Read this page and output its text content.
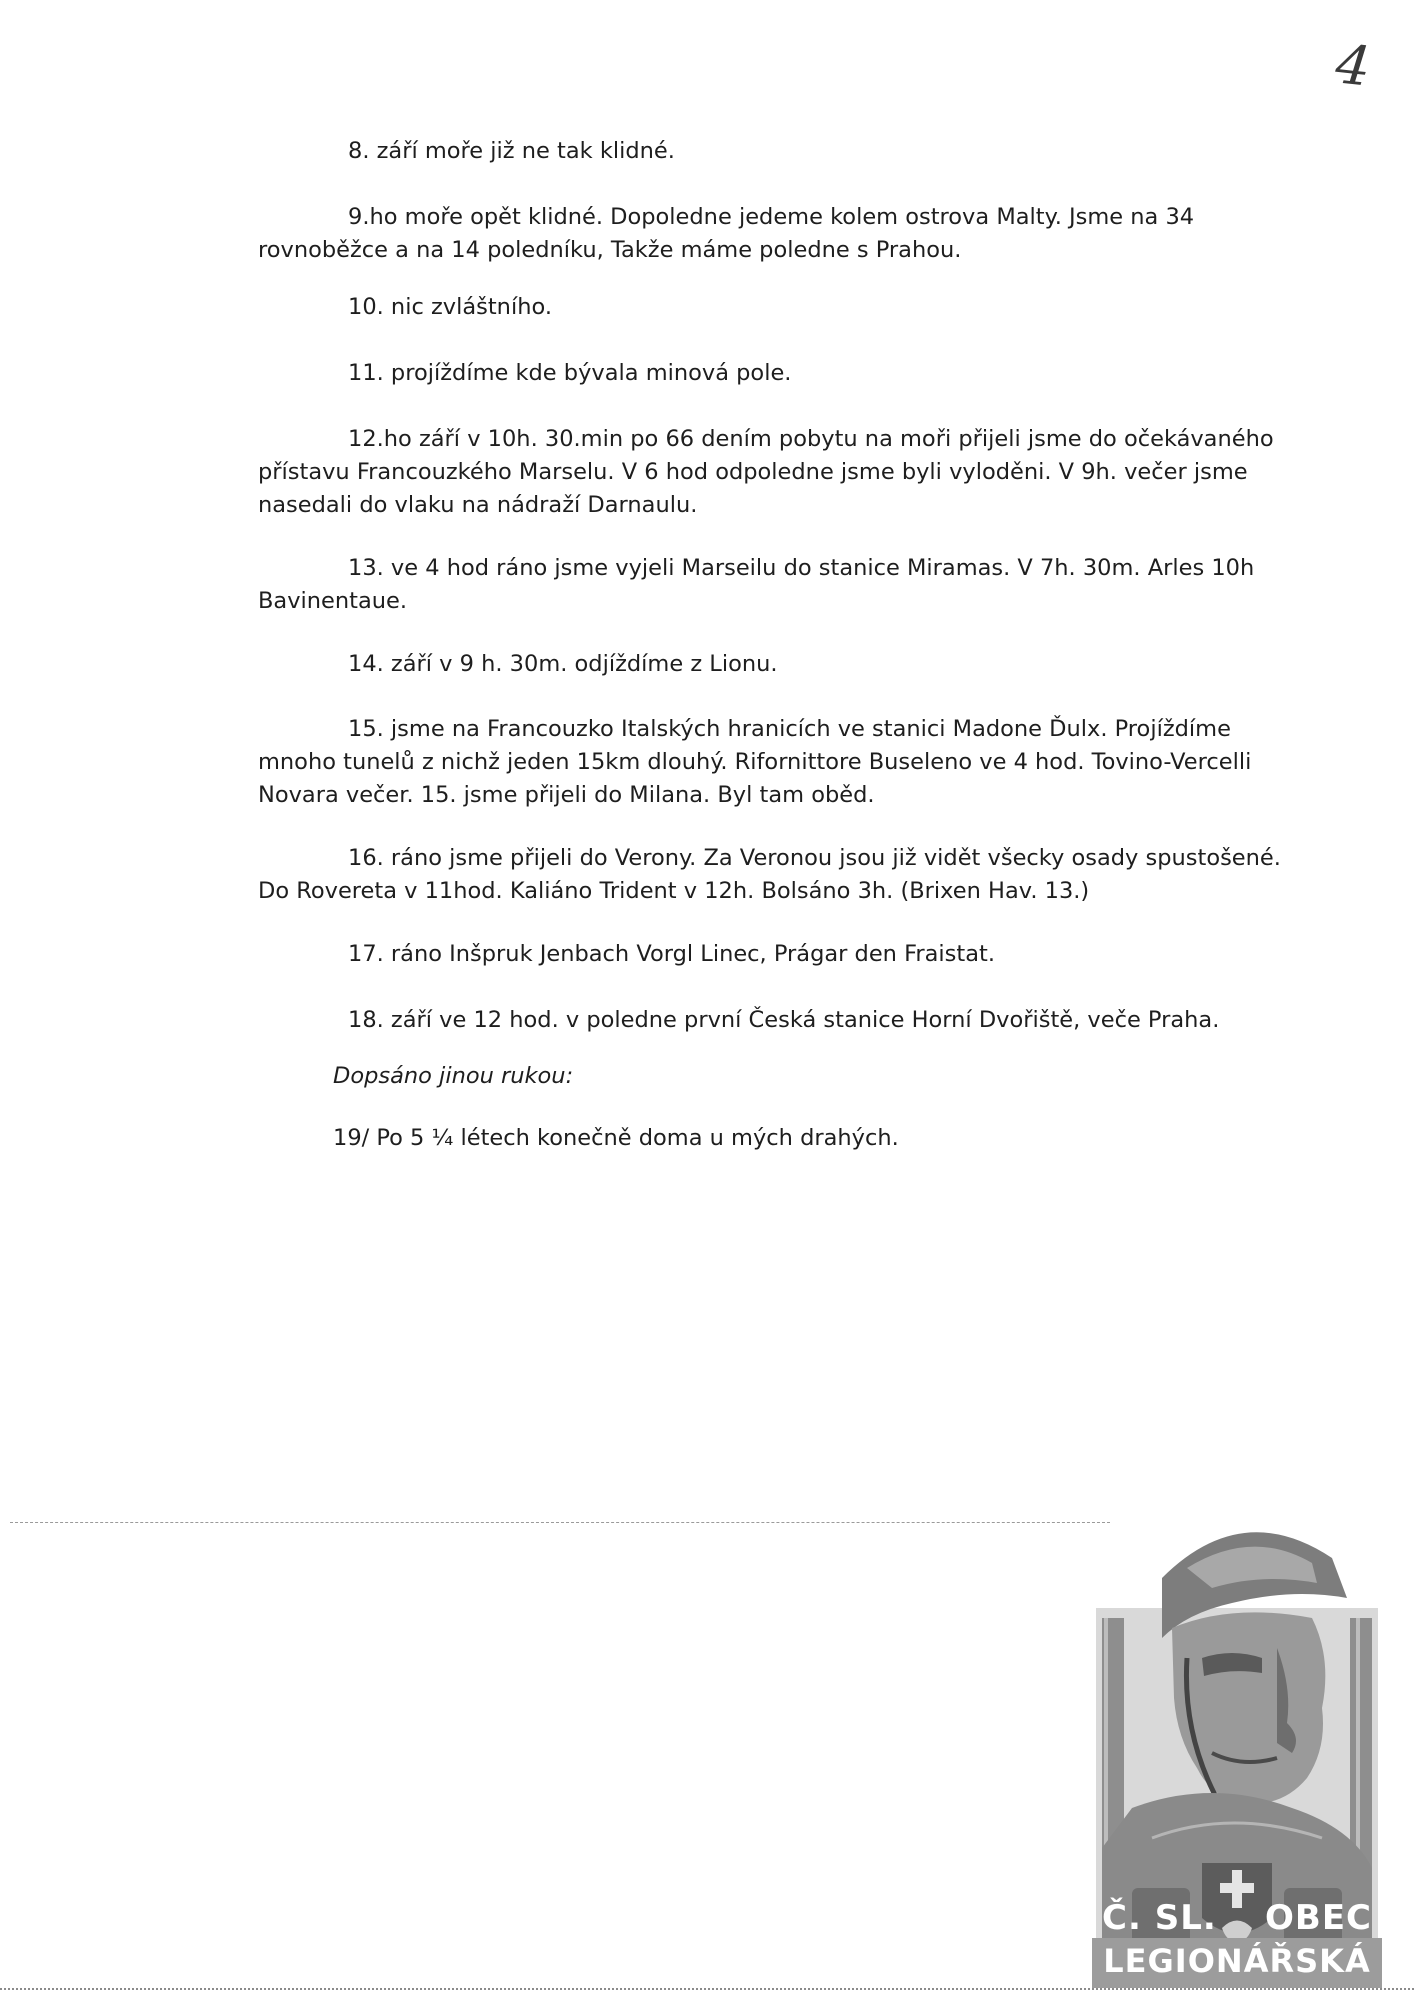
4

8. září moře již ne tak klidné.

9.ho moře opět klidné. Dopoledne jedeme kolem ostrova Malty. Jsme na 34 rovnoběžce a na 14 poledníku, Takže máme poledne s Prahou.

10. nic zvláštního.

11. projíždíme kde bývala minová pole.

12.ho září v 10h. 30.min po 66 dením pobytu na moři přijeli jsme do očekávaného přístavu Francouzkého Marselu. V 6 hod odpoledne jsme byli vyloděni. V 9h. večer jsme nasedali do vlaku na nádraží Darnaulu.

13. ve 4 hod ráno jsme vyjeli Marseilu do stanice Miramas. V 7h. 30m. Arles 10h Bavinentaue.

14. září v 9 h. 30m. odjíždíme z Lionu.

15. jsme na Francouzko Italských hranicích ve stanici Madone Ďulx. Projíždíme mnoho tunelů z nichž jeden 15km dlouhý. Rifornittore Buseleno ve 4 hod. Tovino-Vercelli Novara večer. 15. jsme přijeli do Milana. Byl tam oběd.

16. ráno jsme přijeli do Verony. Za Veronou jsou již vidět všecky osady spustošené. Do Rovereta v 11hod. Kaliáno Trident v 12h. Bolsáno 3h. (Brixen Hav. 13.)

17. ráno Inšpruk Jenbach Vorgl Linec, Prágar den Fraistat.

18. září ve 12 hod. v poledne první Česká stanice Horní Dvořiště, veče Praha.

Dopsáno jinou rukou:

19/ Po 5 ¼ létech konečně doma u mých drahých.

Č. SL. OBEC
LEGIONÁŘSKÁ
